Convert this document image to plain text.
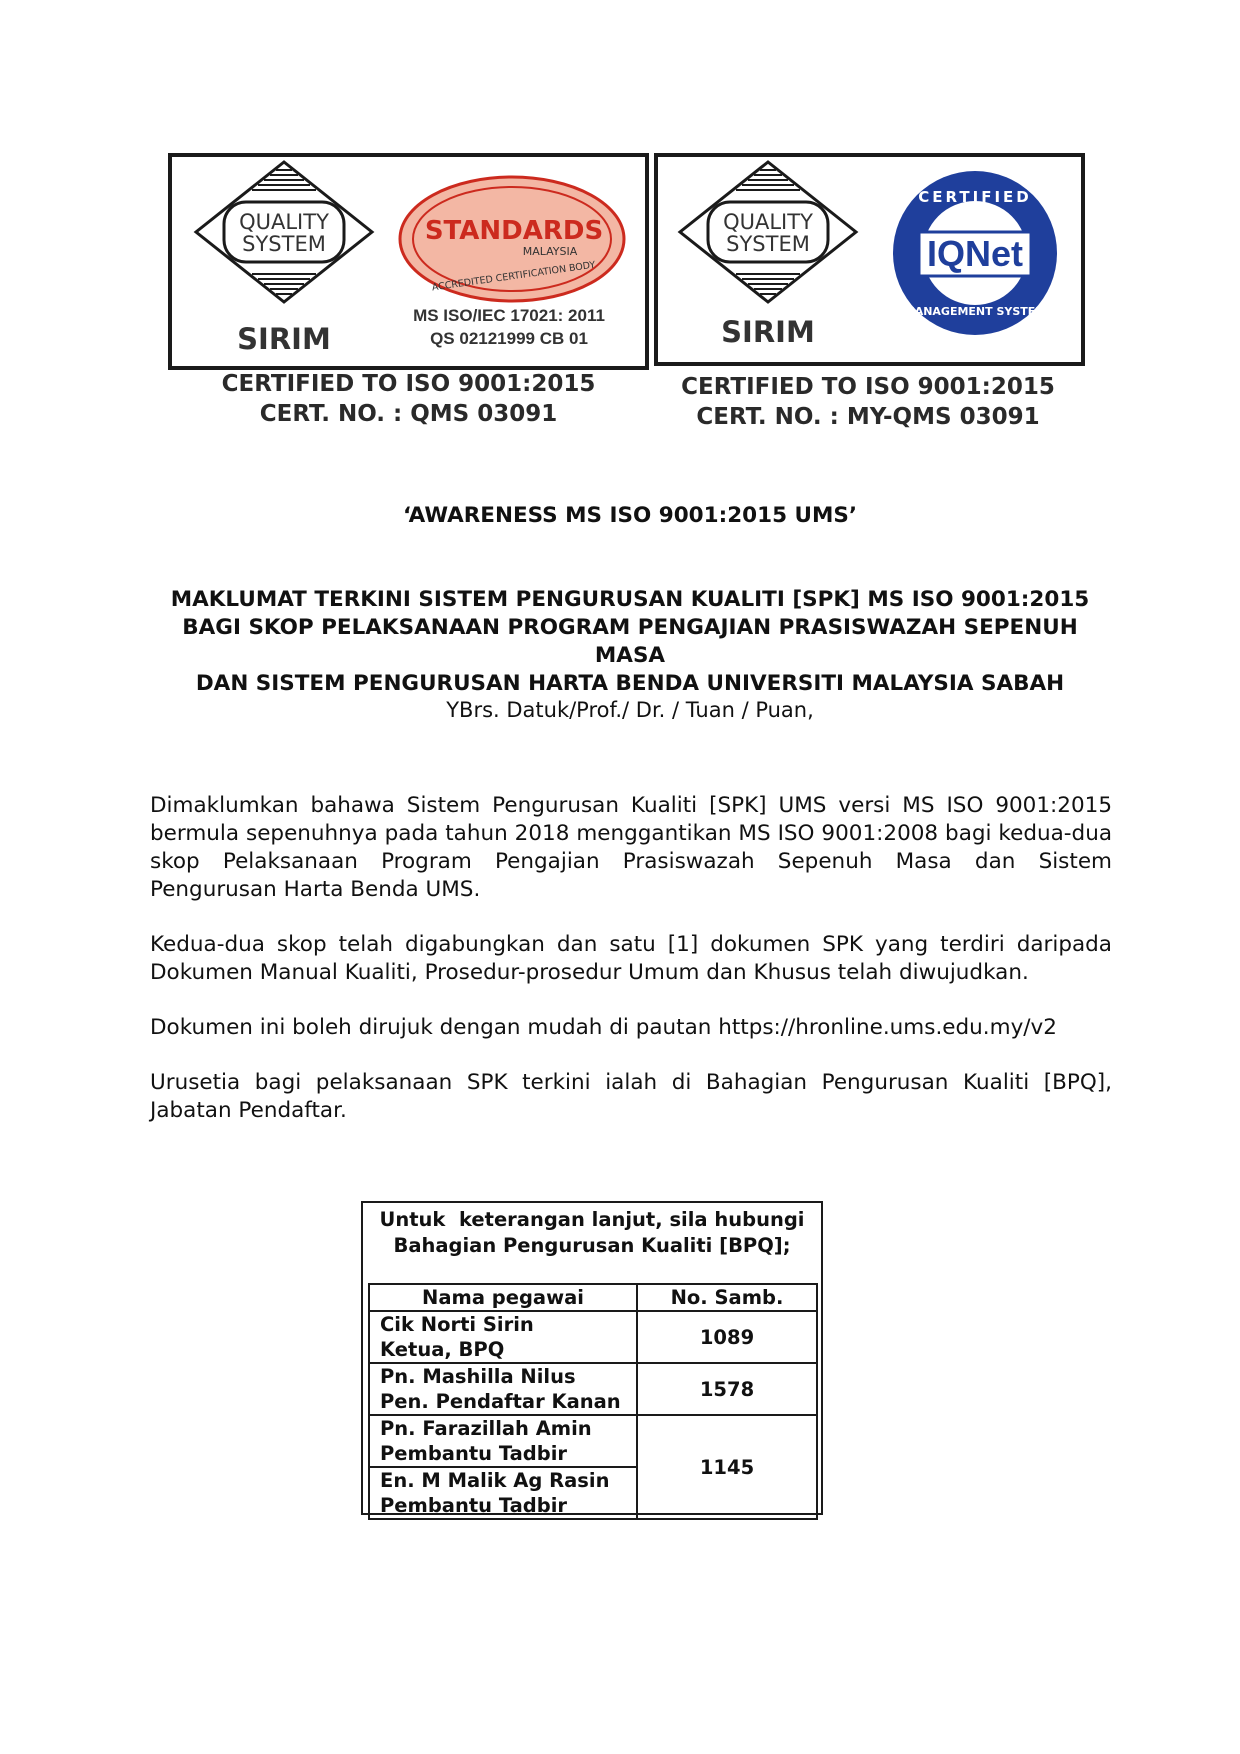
QUALITY
SYSTEM
SIRIM
STANDARDS
MALAYSIA
ACCREDITED CERTIFICATION BODY
MS ISO/IEC 17021: 2011
QS 02121999 CB 01
CERTIFIED TO ISO 9001:2015
CERT. NO. : QMS 03091
QUALITY
SYSTEM
SIRIM
IQNet
CERTIFIED
MANAGEMENT SYSTEM
CERTIFIED TO ISO 9001:2015
CERT. NO. : MY-QMS 03091
‘AWARENESS MS ISO 9001:2015 UMS’
MAKLUMAT TERKINI SISTEM PENGURUSAN KUALITI [SPK] MS ISO 9001:2015
BAGI SKOP PELAKSANAAN PROGRAM PENGAJIAN PRASISWAZAH SEPENUH MASA
DAN SISTEM PENGURUSAN HARTA BENDA UNIVERSITI MALAYSIA SABAH
YBrs. Datuk/Prof./ Dr. / Tuan / Puan,
Dimaklumkan bahawa Sistem Pengurusan Kualiti [SPK] UMS versi MS ISO 9001:2015 bermula sepenuhnya pada tahun 2018 menggantikan MS ISO 9001:2008 bagi kedua-dua skop Pelaksanaan Program Pengajian Prasiswazah Sepenuh Masa dan Sistem Pengurusan Harta Benda UMS.
Kedua-dua skop telah digabungkan dan satu [1] dokumen SPK yang terdiri daripada Dokumen Manual Kualiti, Prosedur-prosedur Umum dan Khusus telah diwujudkan.
Dokumen ini boleh dirujuk dengan mudah di pautan https://hronline.ums.edu.my/v2
Urusetia bagi pelaksanaan SPK terkini ialah di Bahagian Pengurusan Kualiti [BPQ], Jabatan Pendaftar.
Untuk  keterangan lanjut, sila hubungi
Bahagian Pengurusan Kualiti [BPQ];
Nama pegawai	No. Samb.

Cik Norti Sirin
Ketua, BPQ	1089

Pn. Mashilla Nilus
Pen. Pendaftar Kanan	1578

Pn. Farazillah Amin
Pembantu Tadbir	1145

En. M Malik Ag Rasin
Pembantu Tadbir	
